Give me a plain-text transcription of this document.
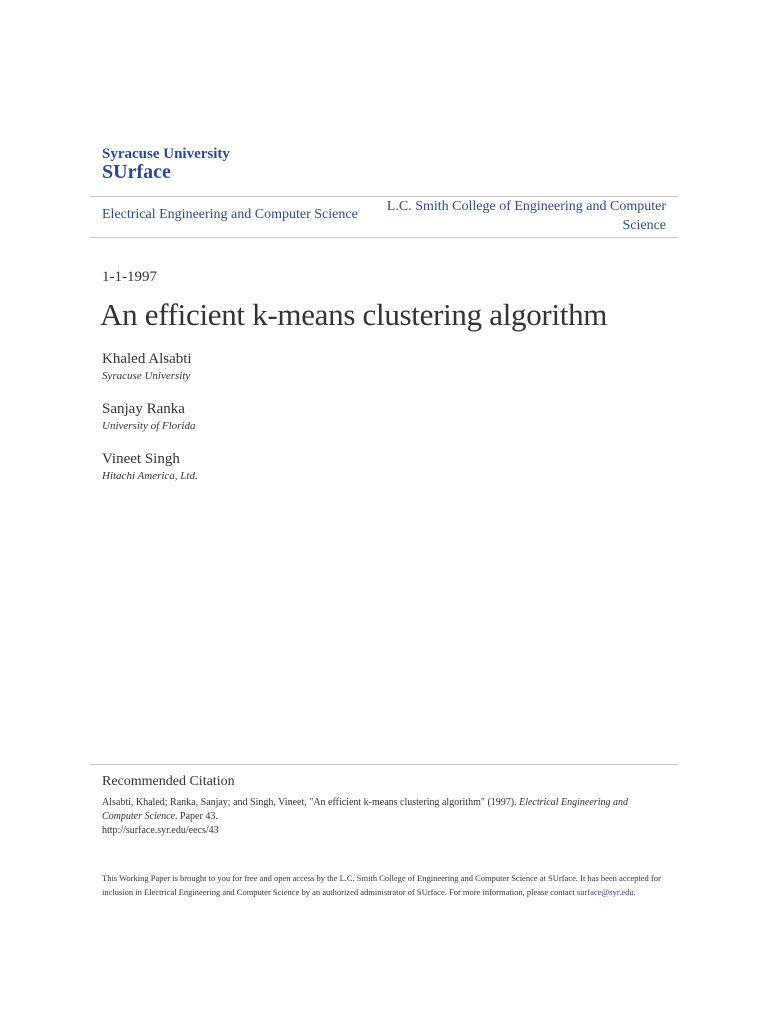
Syracuse University
SUrface
Electrical Engineering and Computer Science
L.C. Smith College of Engineering and Computer Science
1-1-1997
An efficient k-means clustering algorithm
Khaled Alsabti
Syracuse University
Sanjay Ranka
University of Florida
Vineet Singh
Hitachi America, Ltd.
Recommended Citation
Alsabti, Khaled; Ranka, Sanjay; and Singh, Vineet, "An efficient k-means clustering algorithm" (1997). Electrical Engineering and Computer Science. Paper 43.
http://surface.syr.edu/eecs/43
This Working Paper is brought to you for free and open access by the L.C. Smith College of Engineering and Computer Science at SUrface. It has been accepted for inclusion in Electrical Engineering and Computer Science by an authorized administrator of SUrface. For more information, please contact surface@syr.edu.
